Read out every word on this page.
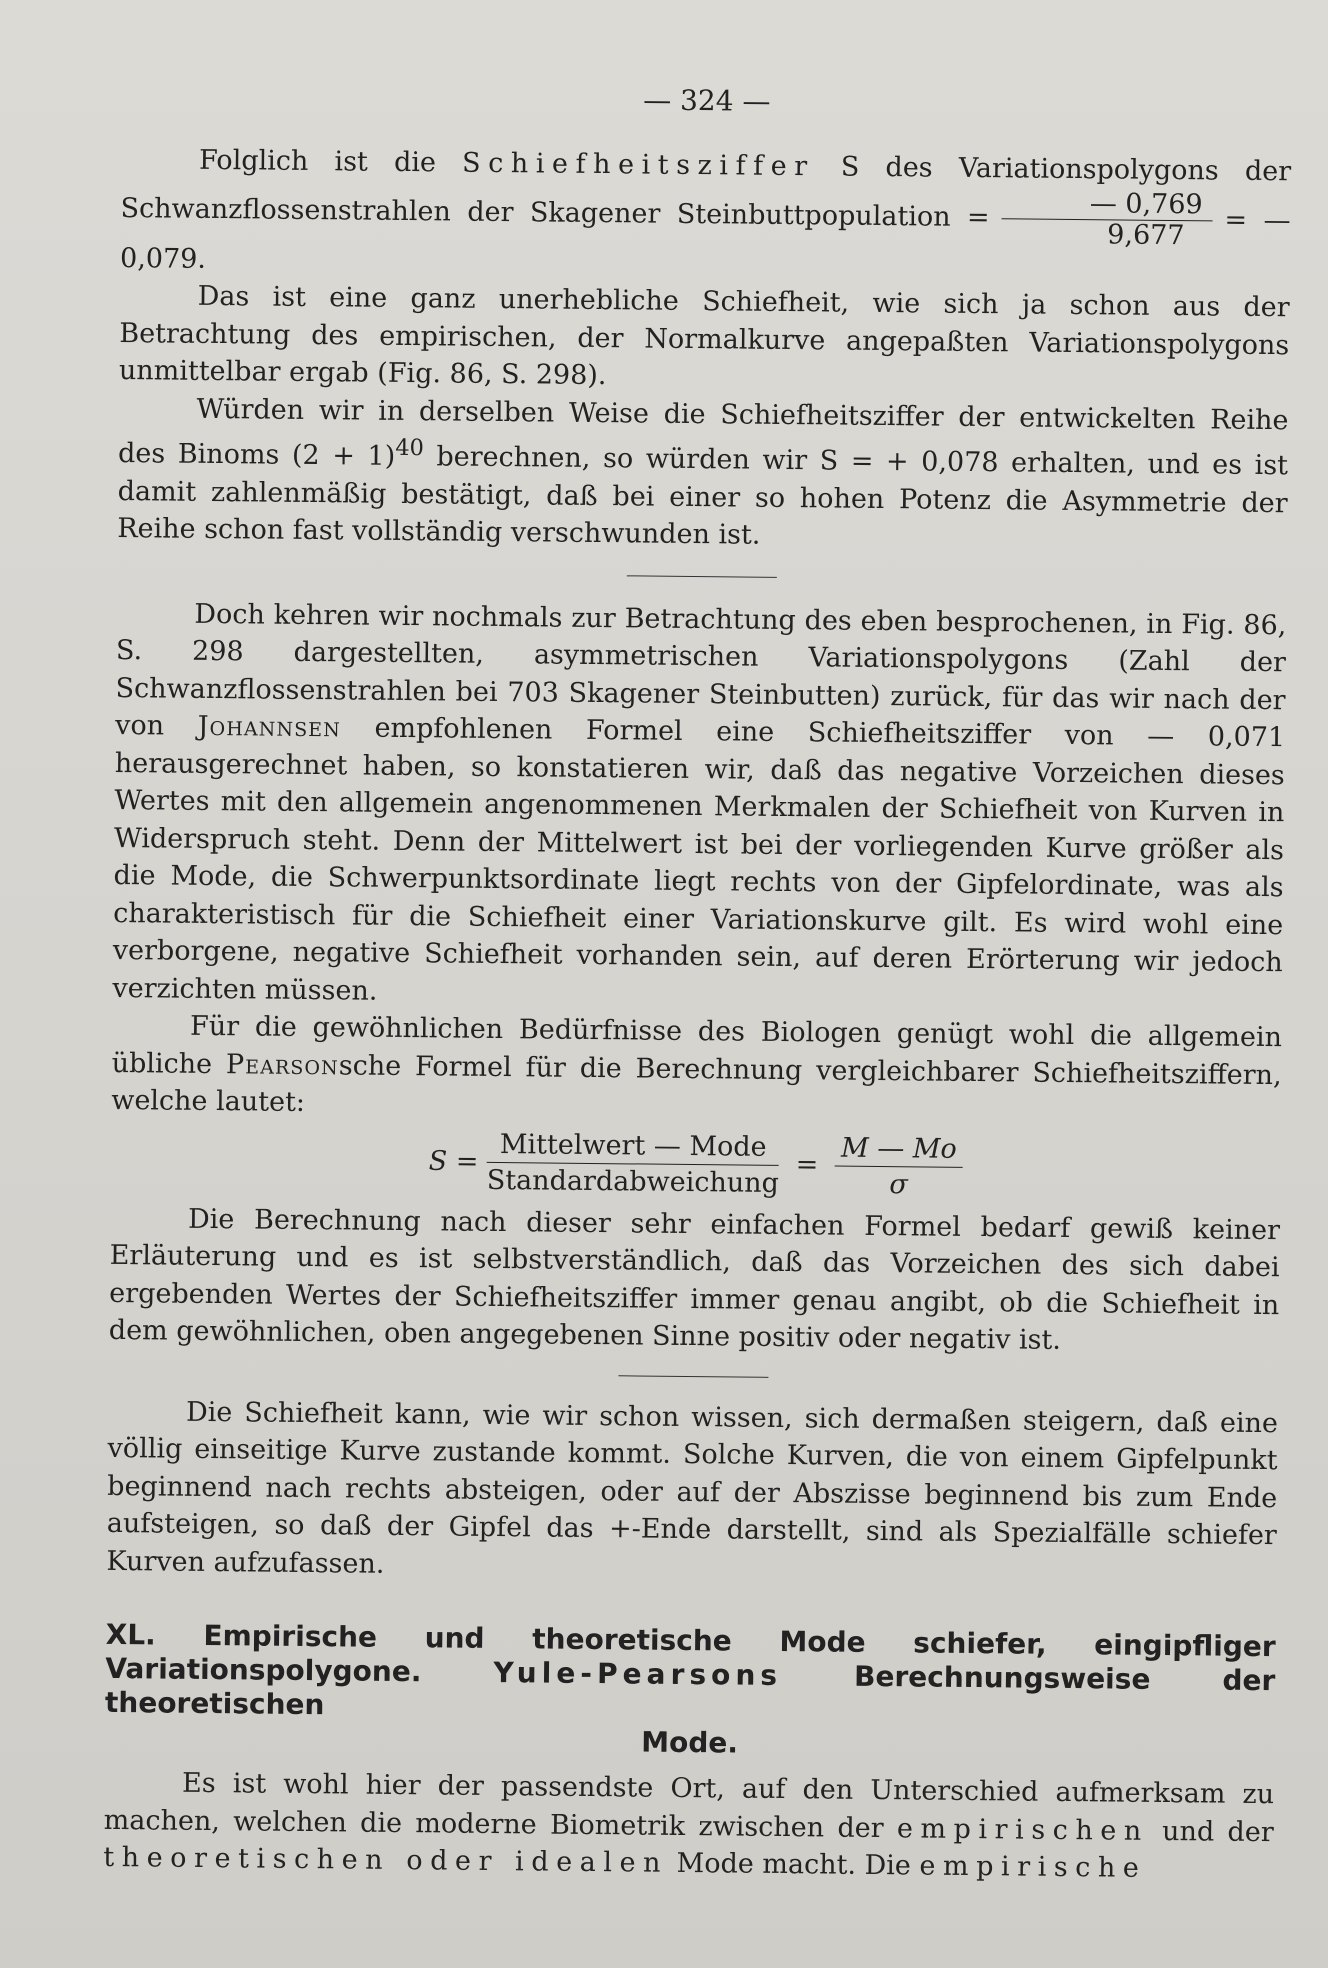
— 324 —

Folglich ist die Schiefheitsziffer S des Variationspolygons der Schwanzflossenstrahlen der Skagener Steinbuttpopulation = $\frac{— 0,769}{9,677}$ = — 0,079.

Das ist eine ganz unerhebliche Schiefheit, wie sich ja schon aus der Betrachtung des empirischen, der Normalkurve angepaßten Variationspolygons unmittelbar ergab (Fig. 86, S. 298).

Würden wir in derselben Weise die Schiefheitsziffer der entwickelten Reihe des Binoms $(2 + 1)^{40}$ berechnen, so würden wir S = + 0,078 erhalten, und es ist damit zahlenmäßig bestätigt, daß bei einer so hohen Potenz die Asymmetrie der Reihe schon fast vollständig verschwunden ist.

Doch kehren wir nochmals zur Betrachtung des eben besprochenen, in Fig. 86, S. 298 dargestellten, asymmetrischen Variationspolygons (Zahl der Schwanzflossenstrahlen bei 703 Skagener Steinbutten) zurück, für das wir nach der von Johannsen empfohlenen Formel eine Schiefheitsziffer von — 0,071 herausgerechnet haben, so konstatieren wir, daß das negative Vorzeichen dieses Wertes mit den allgemein angenommenen Merkmalen der Schiefheit von Kurven in Widerspruch steht. Denn der Mittelwert ist bei der vorliegenden Kurve größer als die Mode, die Schwerpunktsordinate liegt rechts von der Gipfelordinate, was als charakteristisch für die Schiefheit einer Variationskurve gilt. Es wird wohl eine verborgene, negative Schiefheit vorhanden sein, auf deren Erörterung wir jedoch verzichten müssen.

Für die gewöhnlichen Bedürfnisse des Biologen genügt wohl die allgemein übliche Pearsonsche Formel für die Berechnung vergleichbarer Schiefheitsziffern, welche lautet:

$S = \frac{\text{Mittelwert — Mode}}{\text{Standardabweichung}} = \frac{M — Mo}{\sigma}$

Die Berechnung nach dieser sehr einfachen Formel bedarf gewiß keiner Erläuterung und es ist selbstverständlich, daß das Vorzeichen des sich dabei ergebenden Wertes der Schiefheitsziffer immer genau angibt, ob die Schiefheit in dem gewöhnlichen, oben angegebenen Sinne positiv oder negativ ist.

Die Schiefheit kann, wie wir schon wissen, sich dermaßen steigern, daß eine völlig einseitige Kurve zustande kommt. Solche Kurven, die von einem Gipfelpunkt beginnend nach rechts absteigen, oder auf der Abszisse beginnend bis zum Ende aufsteigen, so daß der Gipfel das +-Ende darstellt, sind als Spezialfälle schiefer Kurven aufzufassen.

XL. Empirische und theoretische Mode schiefer, eingipfliger Variationspolygone. Yule-Pearsons Berechnungsweise der theoretischen
Mode.

Es ist wohl hier der passendste Ort, auf den Unterschied aufmerksam zu machen, welchen die moderne Biometrik zwischen der empirischen und der theoretischen oder idealen Mode macht. Die empirische
